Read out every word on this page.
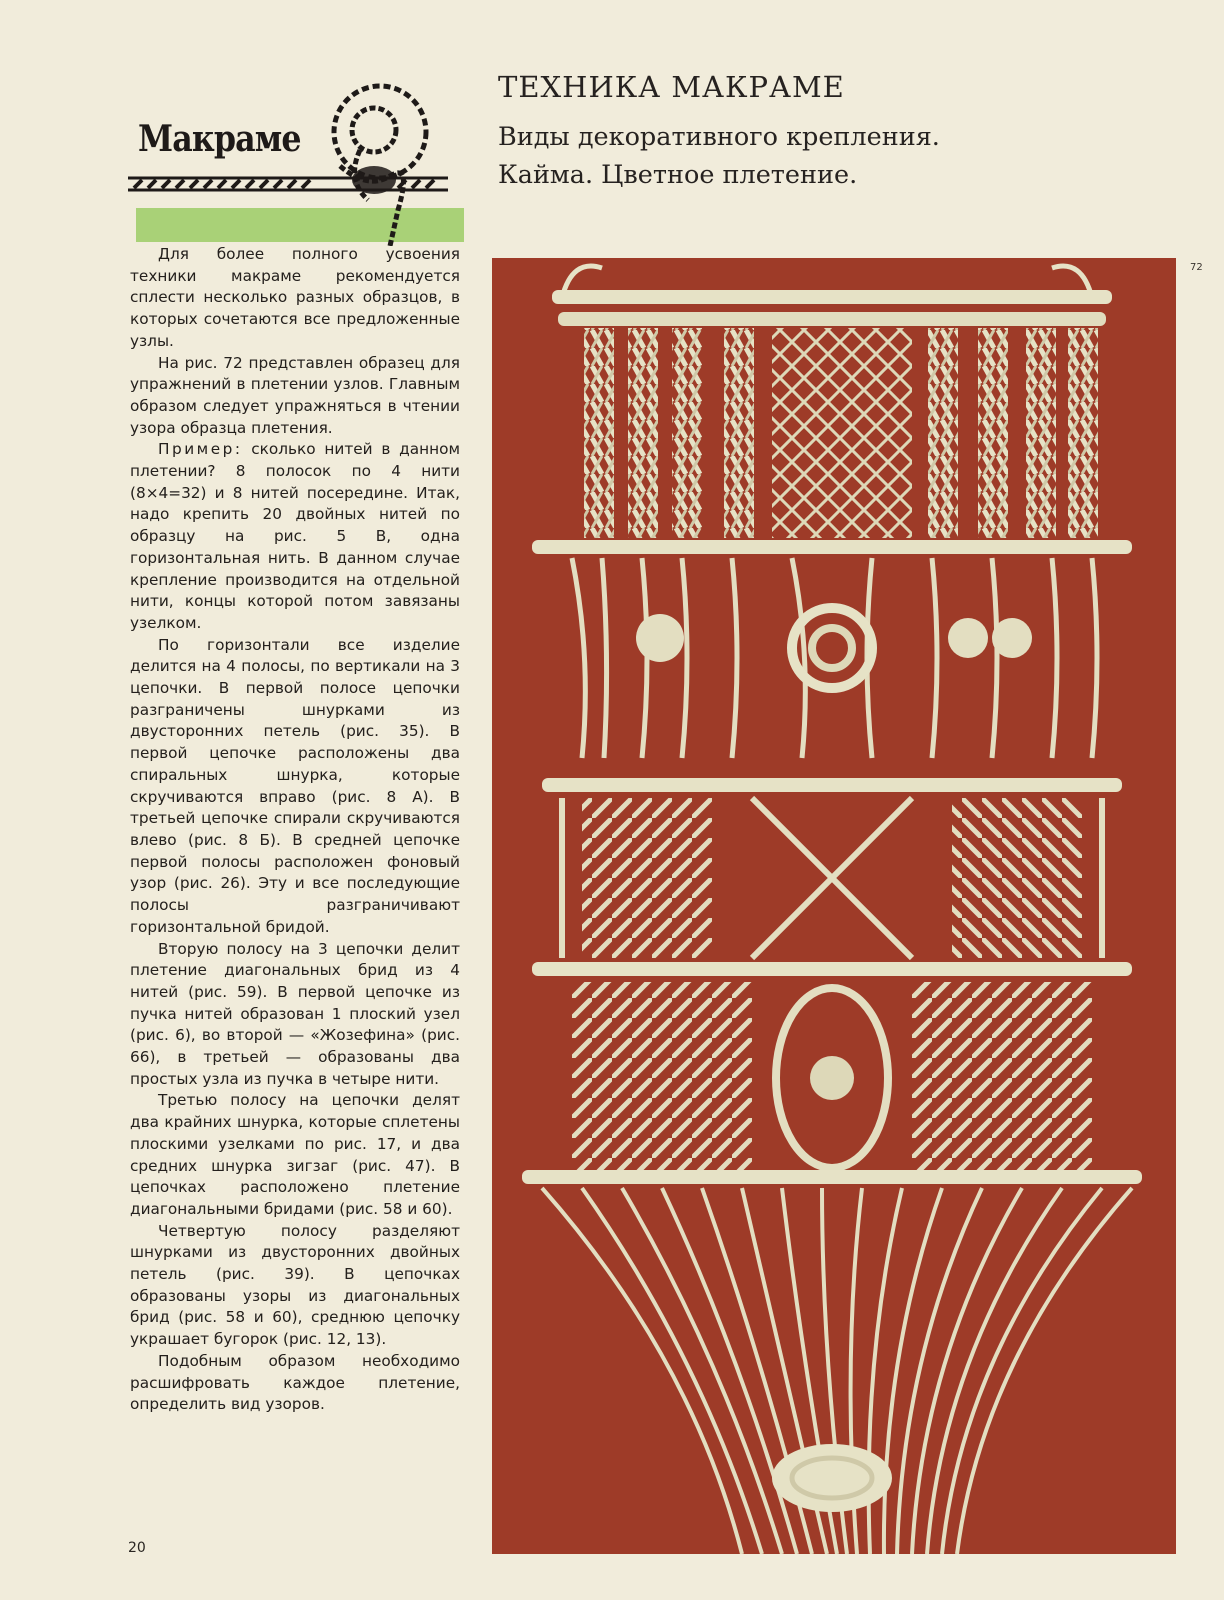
Макраме
ТЕХНИКА МАКРАМЕ
Виды декоративного крепления.
Кайма. Цветное плетение.

Для более полного усвоения техники макраме рекомендуется сплести несколько разных образцов, в которых сочетаются все предложенные узлы.

На рис. 72 представлен образец для упражнений в плетении узлов. Главным образом следует упражняться в чтении узора образца плетения.

Пример: сколько нитей в данном плетении? 8 полосок по 4 нити (8×4=32) и 8 нитей посередине. Итак, надо крепить 20 двойных нитей по образцу на рис. 5 В, одна горизонтальная нить. В данном случае крепление производится на отдельной нити, концы которой потом завязаны узелком.

По горизонтали все изделие делится на 4 полосы, по вертикали на 3 цепочки. В первой полосе цепочки разграничены шнурками из двусторонних петель (рис. 35). В первой цепочке расположены два спиральных шнурка, которые скручиваются вправо (рис. 8 А). В третьей цепочке спирали скручиваются влево (рис. 8 Б). В средней цепочке первой полосы расположен фоновый узор (рис. 26). Эту и все последующие полосы разграничивают горизонтальной бридой.

Вторую полосу на 3 цепочки делит плетение диагональных брид из 4 нитей (рис. 59). В первой цепочке из пучка нитей образован 1 плоский узел (рис. 6), во второй — «Жозефина» (рис. 66), в третьей — образованы два простых узла из пучка в четыре нити.

Третью полосу на цепочки делят два крайних шнурка, которые сплетены плоскими узелками по рис. 17, и два средних шнурка зигзаг (рис. 47). В цепочках расположено плетение диагональными бридами (рис. 58 и 60).

Четвертую полосу разделяют шнурками из двусторонних двойных петель (рис. 39). В цепочках образованы узоры из диагональных брид (рис. 58 и 60), среднюю цепочку украшает бугорок (рис. 12, 13).

Подобным образом необходимо расшифровать каждое плетение, определить вид узоров.

72
20
